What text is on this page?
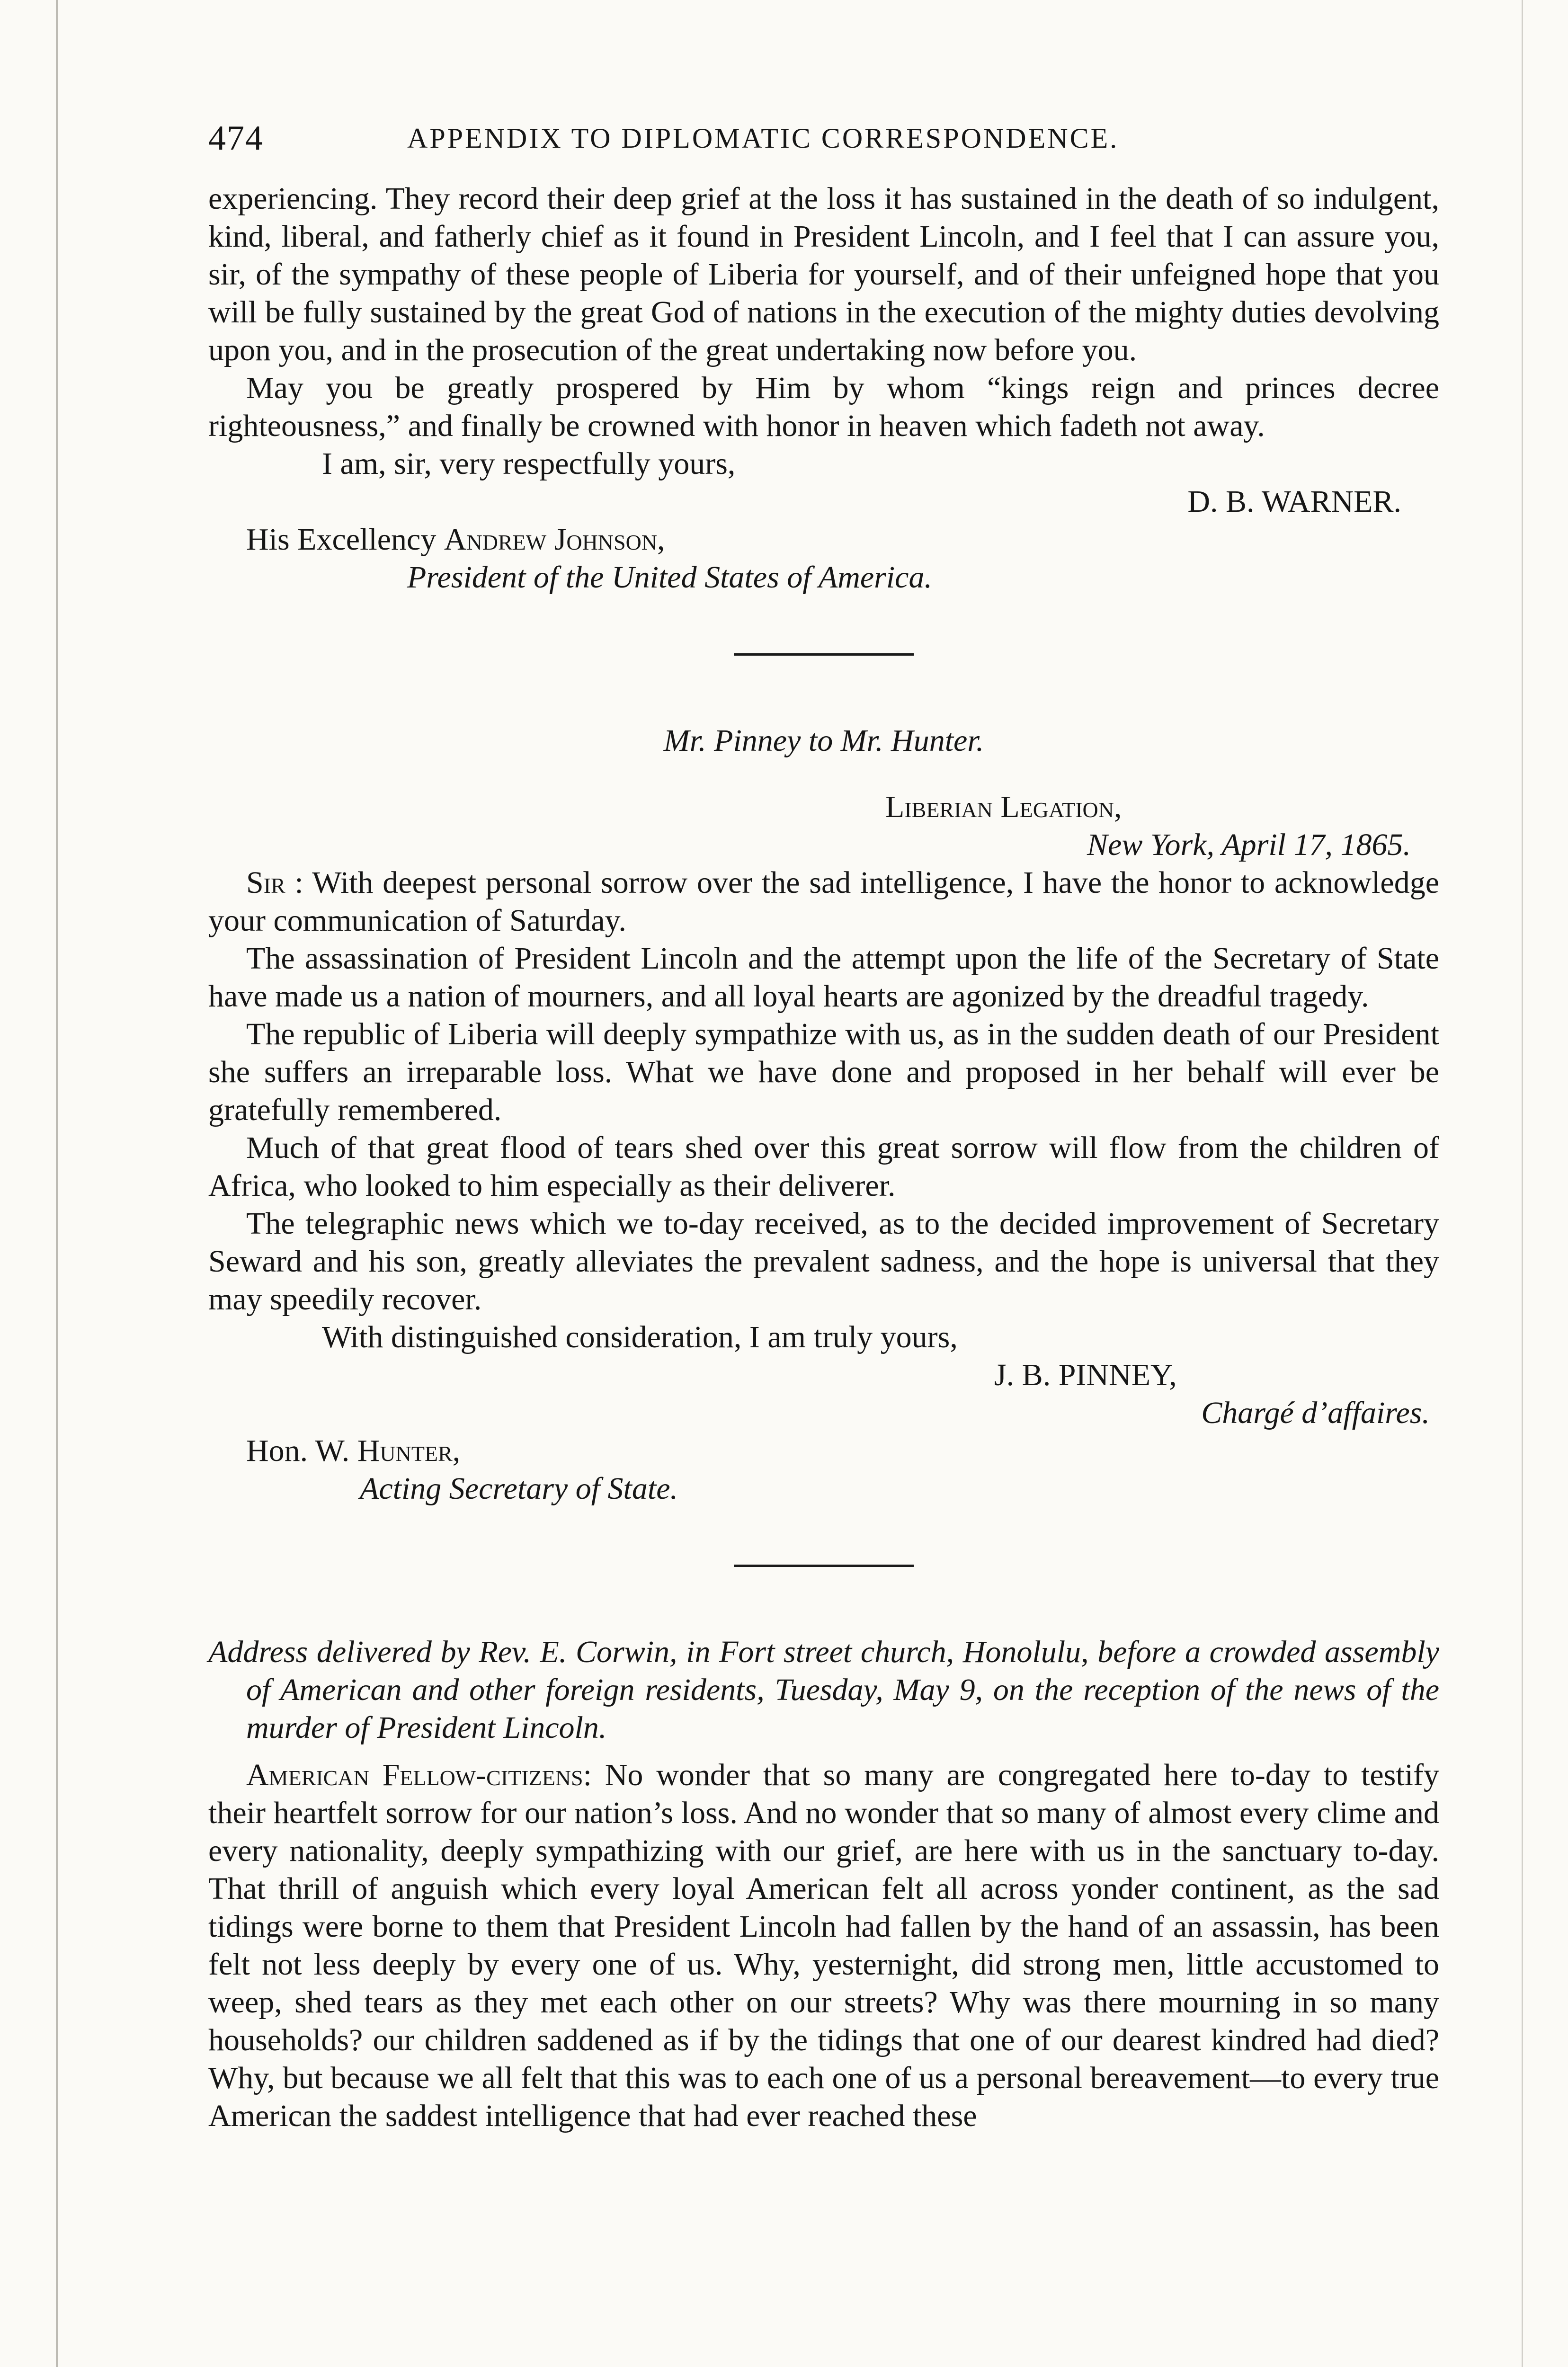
474	APPENDIX TO DIPLOMATIC CORRESPONDENCE.

experiencing. They record their deep grief at the loss it has sustained in the death of so indulgent, kind, liberal, and fatherly chief as it found in President Lincoln, and I feel that I can assure you, sir, of the sympathy of these people of Liberia for yourself, and of their unfeigned hope that you will be fully sustained by the great God of nations in the execution of the mighty duties devolving upon you, and in the prosecution of the great undertaking now before you.

May you be greatly prospered by Him by whom “kings reign and princes decree righteousness,” and finally be crowned with honor in heaven which fadeth not away.

I am, sir, very respectfully yours,

D. B. WARNER.

His Excellency Andrew Johnson,

President of the United States of America.

Mr. Pinney to Mr. Hunter.

Liberian Legation,

New York, April 17, 1865.

Sir : With deepest personal sorrow over the sad intelligence, I have the honor to acknowledge your communication of Saturday.

The assassination of President Lincoln and the attempt upon the life of the Secretary of State have made us a nation of mourners, and all loyal hearts are agonized by the dreadful tragedy.

The republic of Liberia will deeply sympathize with us, as in the sudden death of our President she suffers an irreparable loss. What we have done and proposed in her behalf will ever be gratefully remembered.

Much of that great flood of tears shed over this great sorrow will flow from the children of Africa, who looked to him especially as their deliverer.

The telegraphic news which we to-day received, as to the decided improvement of Secretary Seward and his son, greatly alleviates the prevalent sadness, and the hope is universal that they may speedily recover.

With distinguished consideration, I am truly yours,

J. B. PINNEY,

Chargé d’affaires.

Hon. W. Hunter,

Acting Secretary of State.

Address delivered by Rev. E. Corwin, in Fort street church, Honolulu, before a crowded assembly of American and other foreign residents, Tuesday, May 9, on the reception of the news of the murder of President Lincoln.

American Fellow-citizens: No wonder that so many are congregated here to-day to testify their heartfelt sorrow for our nation’s loss. And no wonder that so many of almost every clime and every nationality, deeply sympathizing with our grief, are here with us in the sanctuary to-day. That thrill of anguish which every loyal American felt all across yonder continent, as the sad tidings were borne to them that President Lincoln had fallen by the hand of an assassin, has been felt not less deeply by every one of us. Why, yesternight, did strong men, little accustomed to weep, shed tears as they met each other on our streets? Why was there mourning in so many households? our children saddened as if by the tidings that one of our dearest kindred had died? Why, but because we all felt that this was to each one of us a personal bereavement—to every true American the saddest intelligence that had ever reached these
